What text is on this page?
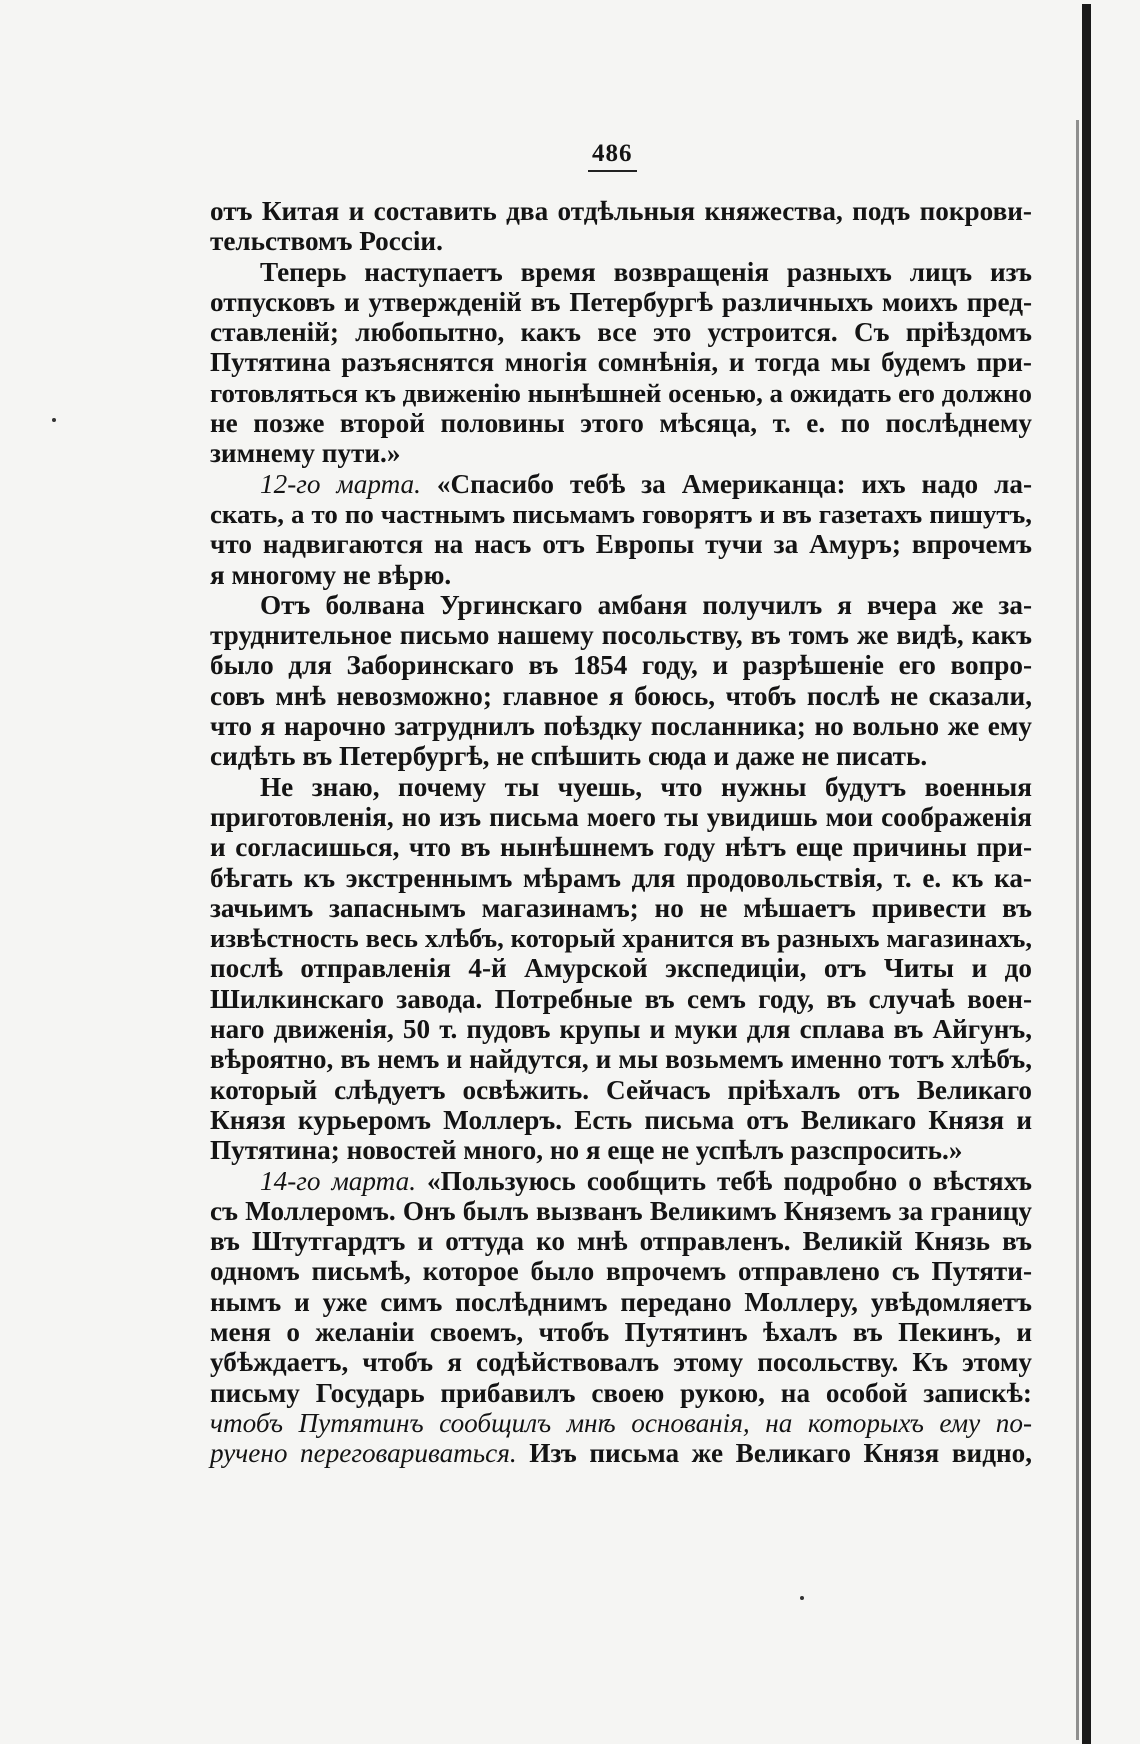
486
отъ Китая и составить два отдѣльныя княжества, подъ покрови-
тельствомъ Россіи.
Теперь наступаетъ время возвращенія разныхъ лицъ изъ
отпусковъ и утвержденій въ Петербургѣ различныхъ моихъ пред-
ставленій; любопытно, какъ все это устроится. Съ пріѣздомъ
Путятина разъяснятся многія сомнѣнія, и тогда мы будемъ при-
готовляться къ движенію нынѣшней осенью, а ожидать его должно
не позже второй половины этого мѣсяца, т. е. по послѣднему
зимнему пути.»
12-го марта. «Спасибо тебѣ за Американца: ихъ надо ла-
скать, а то по частнымъ письмамъ говорятъ и въ газетахъ пишутъ,
что надвигаются на насъ отъ Европы тучи за Амуръ; впрочемъ
я многому не вѣрю.
Отъ болвана Ургинскаго амбаня получилъ я вчера же за-
труднительное письмо нашему посольству, въ томъ же видѣ, какъ
было для Заборинскаго въ 1854 году, и разрѣшеніе его вопро-
совъ мнѣ невозможно; главное я боюсь, чтобъ послѣ не сказали,
что я нарочно затруднилъ поѣздку посланника; но вольно же ему
сидѣть въ Петербургѣ, не спѣшить сюда и даже не писать.
Не знаю, почему ты чуешь, что нужны будутъ военныя
приготовленія, но изъ письма моего ты увидишь мои соображенія
и согласишься, что въ нынѣшнемъ году нѣтъ еще причины при-
бѣгать къ экстреннымъ мѣрамъ для продовольствія, т. е. къ ка-
зачьимъ запаснымъ магазинамъ; но не мѣшаетъ привести въ
извѣстность весь хлѣбъ, который хранится въ разныхъ магазинахъ,
послѣ отправленія 4-й Амурской экспедиціи, отъ Читы и до
Шилкинскаго завода. Потребные въ семъ году, въ случаѣ воен-
наго движенія, 50 т. пудовъ крупы и муки для сплава въ Айгунъ,
вѣроятно, въ немъ и найдутся, и мы возьмемъ именно тотъ хлѣбъ,
который слѣдуетъ освѣжить. Сейчасъ пріѣхалъ отъ Великаго
Князя курьеромъ Моллеръ. Есть письма отъ Великаго Князя и
Путятина; новостей много, но я еще не успѣлъ разспросить.»
14-го марта. «Пользуюсь сообщить тебѣ подробно о вѣстяхъ
съ Моллеромъ. Онъ былъ вызванъ Великимъ Княземъ за границу
въ Штутгардтъ и оттуда ко мнѣ отправленъ. Великій Князь въ
одномъ письмѣ, которое было впрочемъ отправлено съ Путяти-
нымъ и уже симъ послѣднимъ передано Моллеру, увѣдомляетъ
меня о желаніи своемъ, чтобъ Путятинъ ѣхалъ въ Пекинъ, и
убѣждаетъ, чтобъ я содѣйствовалъ этому посольству. Къ этому
письму Государь прибавилъ своею рукою, на особой запискѣ:
чтобъ Путятинъ сообщилъ мнѣ основанія, на которыхъ ему по-
ручено переговариваться. Изъ письма же Великаго Князя видно,
